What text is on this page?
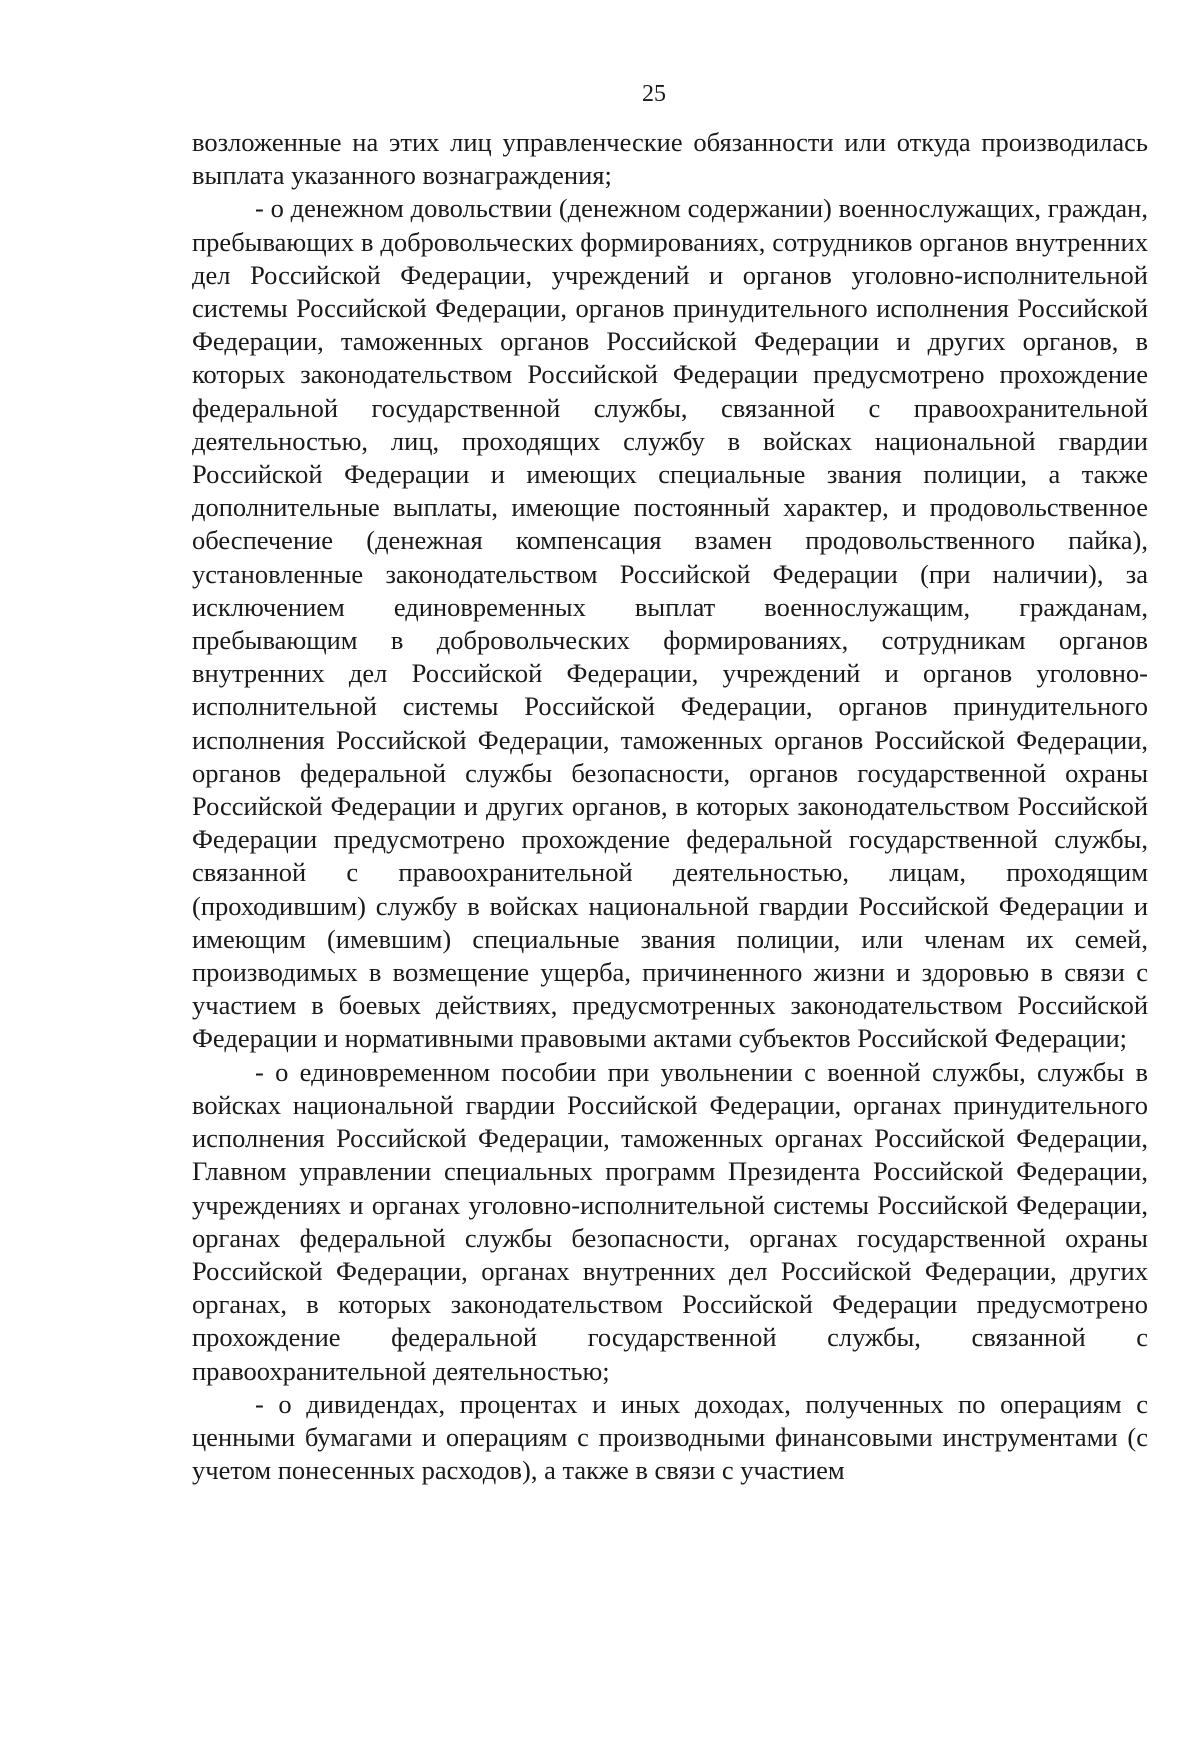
25

возложенные на этих лиц управленческие обязанности или откуда производилась выплата указанного вознаграждения;

- о денежном довольствии (денежном содержании) военнослужащих, граждан, пребывающих в добровольческих формированиях, сотрудников органов внутренних дел Российской Федерации, учреждений и органов уголовно-исполнительной системы Российской Федерации, органов принудительного исполнения Российской Федерации, таможенных органов Российской Федерации и других органов, в которых законодательством Российской Федерации предусмотрено прохождение федеральной государственной службы, связанной с правоохранительной деятельностью, лиц, проходящих службу в войсках национальной гвардии Российской Федерации и имеющих специальные звания полиции, а также дополнительные выплаты, имеющие постоянный характер, и продовольственное обеспечение (денежная компенсация взамен продовольственного пайка), установленные законодательством Российской Федерации (при наличии), за исключением единовременных выплат военнослужащим, гражданам, пребывающим в добровольческих формированиях, сотрудникам органов внутренних дел Российской Федерации, учреждений и органов уголовно-исполнительной системы Российской Федерации, органов принудительного исполнения Российской Федерации, таможенных органов Российской Федерации, органов федеральной службы безопасности, органов государственной охраны Российской Федерации и других органов, в которых законодательством Российской Федерации предусмотрено прохождение федеральной государственной службы, связанной с правоохранительной деятельностью, лицам, проходящим (проходившим) службу в войсках национальной гвардии Российской Федерации и имеющим (имевшим) специальные звания полиции, или членам их семей, производимых в возмещение ущерба, причиненного жизни и здоровью в связи с участием в боевых действиях, предусмотренных законодательством Российской Федерации и нормативными правовыми актами субъектов Российской Федерации;

- о единовременном пособии при увольнении с военной службы, службы в войсках национальной гвардии Российской Федерации, органах принудительного исполнения Российской Федерации, таможенных органах Российской Федерации, Главном управлении специальных программ Президента Российской Федерации, учреждениях и органах уголовно-исполнительной системы Российской Федерации, органах федеральной службы безопасности, органах государственной охраны Российской Федерации, органах внутренних дел Российской Федерации, других органах, в которых законодательством Российской Федерации предусмотрено прохождение федеральной государственной службы, связанной с правоохранительной деятельностью;

- о дивидендах, процентах и иных доходах, полученных по операциям с ценными бумагами и операциям с производными финансовыми инструментами (с учетом понесенных расходов), а также в связи с участием
